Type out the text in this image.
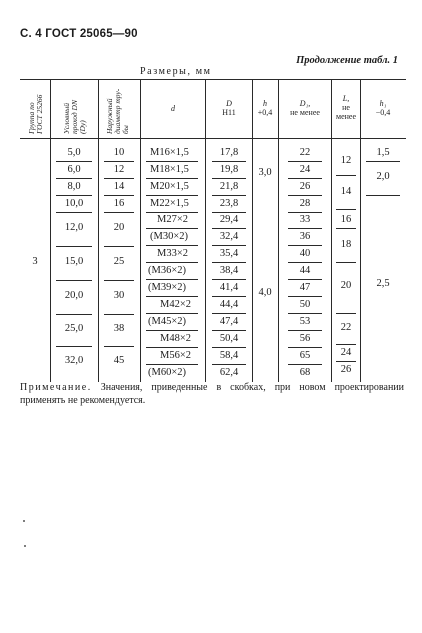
С. 4 ГОСТ 25065—90
Продолжение табл. 1
Размеры, мм
Группа по ГОСТ 25266 Условный проход DN (Dy) Наружный диаметр тру- бы
d
D
H11
h
+0,4
D₁,
не менее
L,
не
менее
h₁
−0,4
3
3,0
4,0
5,0
6,0
8,0
10,0
12,0
15,0
20,0
25,0
32,0
10
12
14
16
20
25
30
38
45
M16×1,5
M18×1,5
M20×1,5
M22×1,5
M27×2
(M30×2)
M33×2
(M36×2)
(M39×2)
M42×2
(M45×2)
M48×2
M56×2
(M60×2)
17,8
19,8
21,8
23,8
29,4
32,4
35,4
38,4
41,4
44,4
47,4
50,4
58,4
62,4
22
24
26
28
33
36
40
44
47
50
53
56
65
68
12
14
16
18
20
22
24
26
1,5
2,0
2,5
Примечание. Значения, приведенные в скобках, при новом проектировании применять не рекомендуется.
